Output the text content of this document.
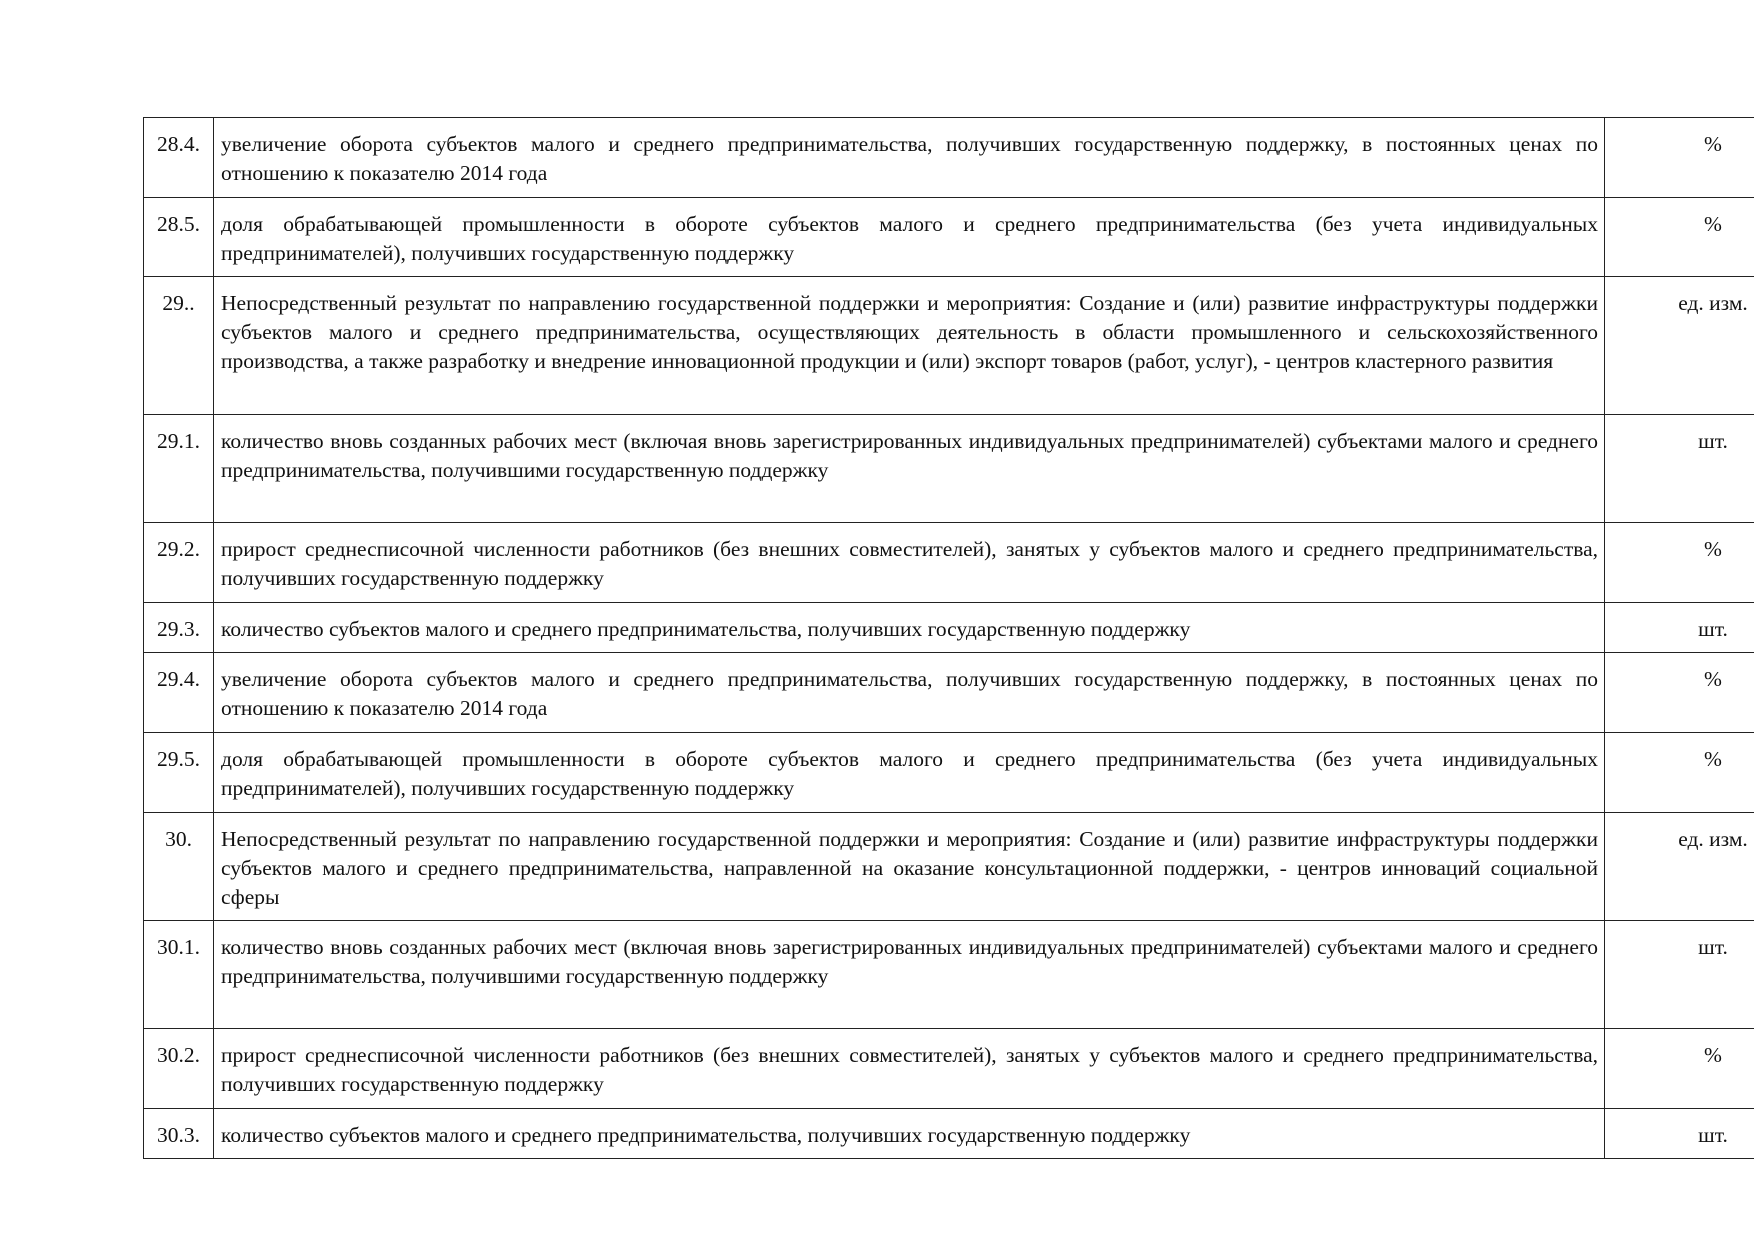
28.4.	увеличение оборота субъектов малого и среднего предпринимательства, получивших государственную поддержку, в постоянных ценах по отношению к показателю 2014 года	%	
28.5.	доля обрабатывающей промышленности в обороте субъектов малого и среднего предпринимательства (без учета индивидуальных предпринимателей), получивших государственную поддержку	%	
29..	Непосредственный результат по направлению государственной поддержки и мероприятия: Создание и (или) развитие инфраструктуры поддержки субъектов малого и среднего предпринимательства, осуществляющих деятельность в области промышленного и сельскохозяйственного производства, а также разработку и внедрение инновационной продукции и (или) экспорт товаров (работ, услуг), - центров кластерного развития	ед. изм.	
29.1.	количество вновь созданных рабочих мест (включая вновь зарегистрированных индивидуальных предпринимателей) субъектами малого и среднего предпринимательства, получившими государственную поддержку	шт.	
29.2.	прирост среднесписочной численности работников (без внешних совместителей), занятых у субъектов малого и среднего предпринимательства, получивших государственную поддержку	%	
29.3.	количество субъектов малого и среднего предпринимательства, получивших государственную поддержку	шт.	
29.4.	увеличение оборота субъектов малого и среднего предпринимательства, получивших государственную поддержку, в постоянных ценах по отношению к показателю 2014 года	%	
29.5.	доля обрабатывающей промышленности в обороте субъектов малого и среднего предпринимательства (без учета индивидуальных предпринимателей), получивших государственную поддержку	%	
30.	Непосредственный результат по направлению государственной поддержки и мероприятия: Создание и (или) развитие инфраструктуры поддержки субъектов малого и среднего предпринимательства, направленной на оказание консультационной поддержки, - центров инноваций социальной сферы	ед. изм.	
30.1.	количество вновь созданных рабочих мест (включая вновь зарегистрированных индивидуальных предпринимателей) субъектами малого и среднего предпринимательства, получившими государственную поддержку	шт.	
30.2.	прирост среднесписочной численности работников (без внешних совместителей), занятых у субъектов малого и среднего предпринимательства, получивших государственную поддержку	%	
30.3.	количество субъектов малого и среднего предпринимательства, получивших государственную поддержку	шт.	
